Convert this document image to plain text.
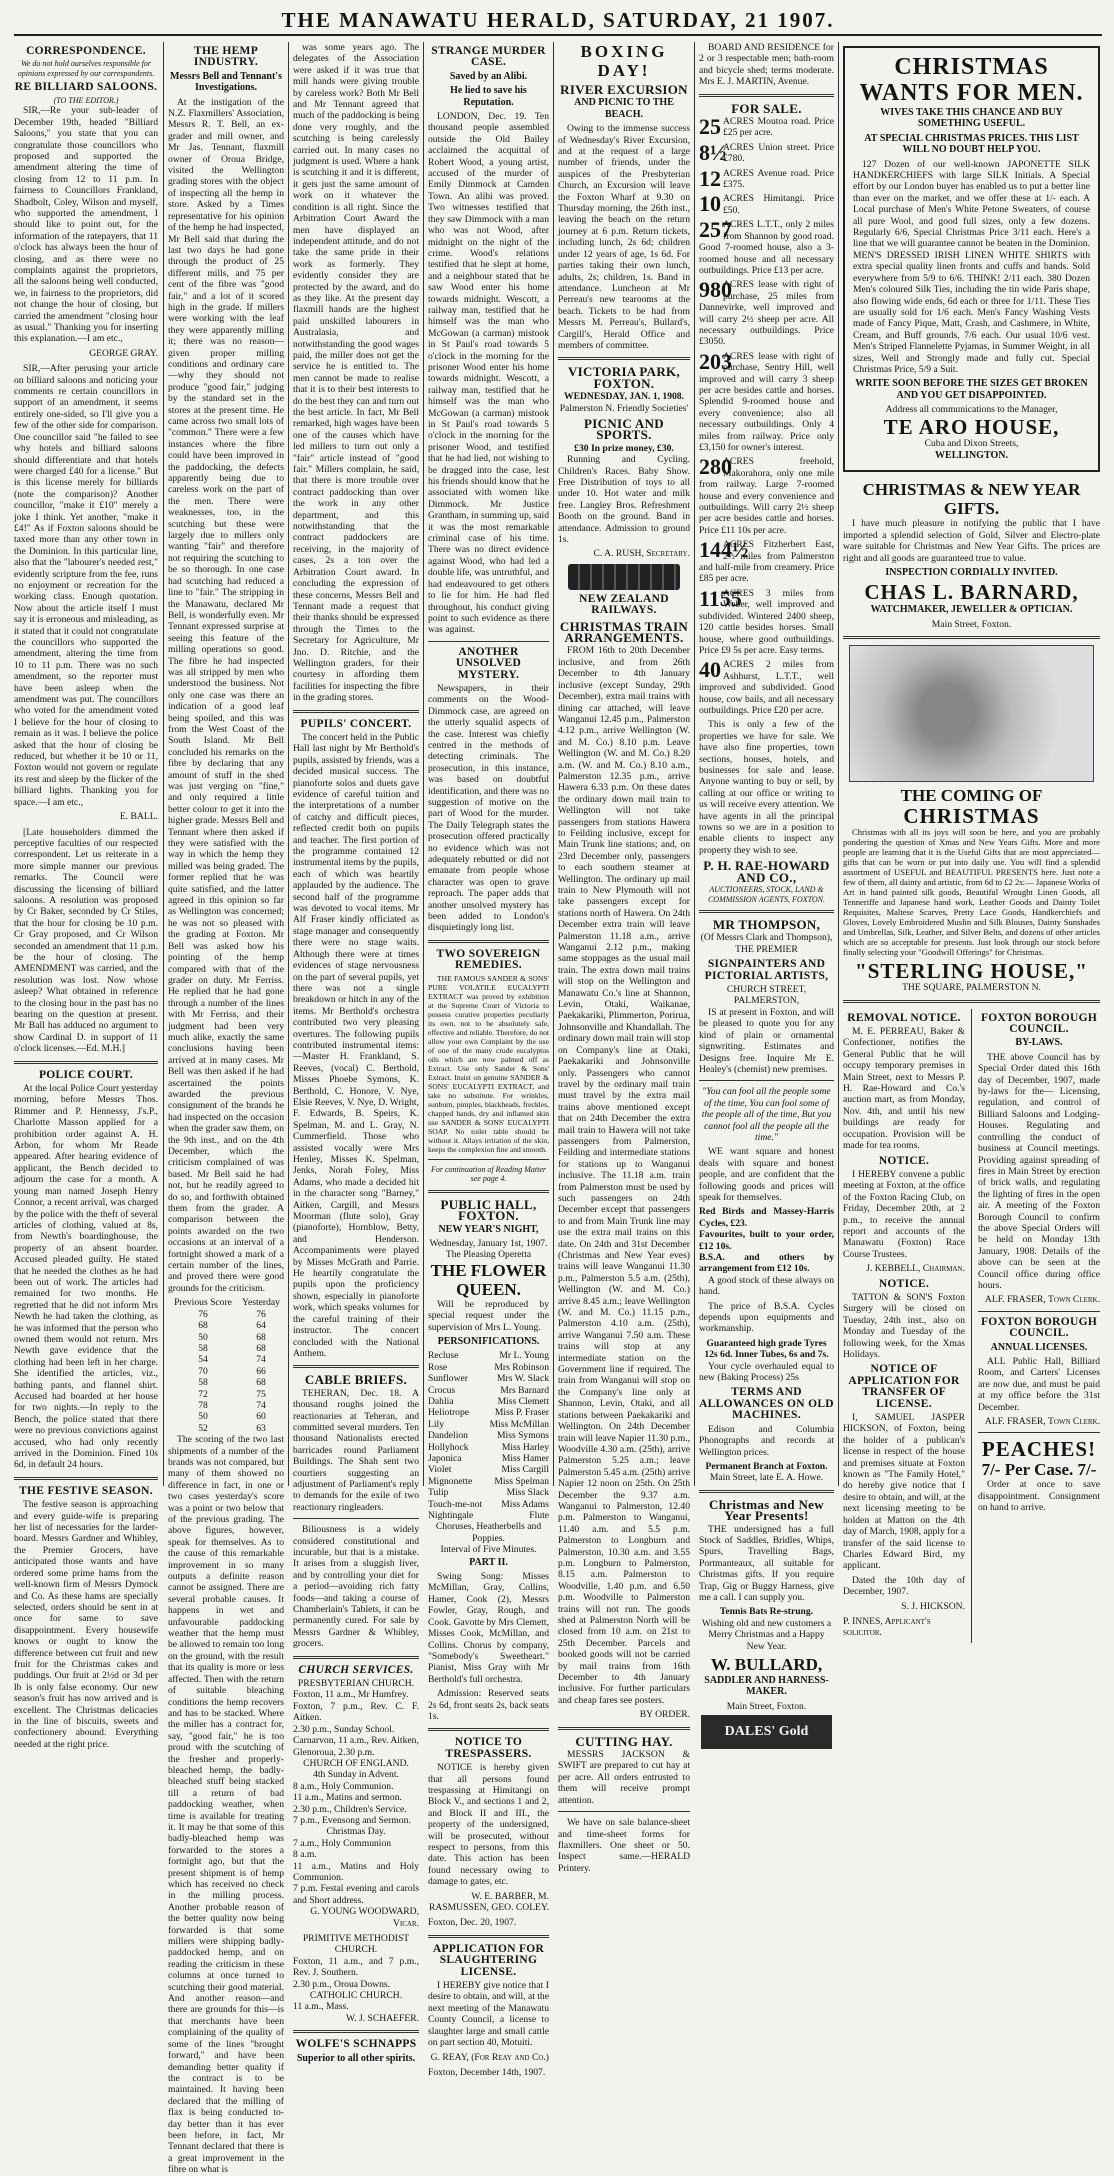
THE MANAWATU HERALD, SATURDAY, 21 1907.
CORRESPONDENCE.
We do not hold ourselves responsible for opinions expressed by our correspondents.
RE BILLIARD SALOONS.
(TO THE EDITOR.)

SIR,—Re your sub-leader of December 19th, headed "Billiard Saloons," you state that you can congratulate those councillors who proposed and supported the amendment altering the time of closing from 12 to 11 p.m. In fairness to Councillors Frankland, Shadbolt, Coley, Wilson and myself, who supported the amendment, I should like to point out, for the information of the ratepayers, that 11 o'clock has always been the hour of closing, and as there were no complaints against the proprietors, all the saloons being well conducted, we, in fairness to the proprietors, did not change the hour of closing, but carried the amendment "closing hour as usual." Thanking you for inserting this explanation.—I am etc.,

GEORGE GRAY.

SIR,—After perusing your article on billiard saloons and noticing your comments re certain councillors in support of an amendment, it seems entirely one-sided, so I'll give you a few of the other side for comparison. One councillor said "he failed to see why hotels and billiard saloons should differentiate and that hotels were charged £40 for a license." But is this license merely for billiards (note the comparison)? Another councillor, "make it £10" merely a joke I think. Yet another, "make it £4!" As if Foxton saloons should be taxed more than any other town in the Dominion. In this particular line, also that the "labourer's needed rest," evidently scripture from the fee, runs no enjoyment or recreation for the working class. Enough quotation. Now about the article itself I must say it is erroneous and misleading, as it stated that it could not congratulate the councillors who supported the amendment, altering the time from 10 to 11 p.m. There was no such amendment, so the reporter must have been asleep when the amendment was put. The councillors who voted for the amendment voted I believe for the hour of closing to remain as it was. I believe the police asked that the hour of closing be reduced, but whether it be 10 or 11, Foxton would not govern or regulate its rest and sleep by the flicker of the billiard lights. Thanking you for space.—I am etc.,

E. BALL.

[Late householders dimmed the perceptive faculties of our respected correspondent. Let us reiterate in a more simple manner our previous remarks. The Council were discussing the licensing of billiard saloons. A resolution was proposed by Cr Baker, seconded by Cr Stiles, that the hour for closing be 10 p.m. Cr Gray proposed, and Cr Wilson seconded an amendment that 11 p.m. be the hour of closing. The AMENDMENT was carried, and the resolution was lost. Now whose asleep? What obtained in reference to the closing hour in the past has no bearing on the question at present. Mr Ball has adduced no argument to show Cardinal D. in support of 11 o'clock licenses.—Ed. M.H.]

POLICE COURT.

At the local Police Court yesterday morning, before Messrs Thos. Rimmer and P. Hennessy, J's.P., Charlotte Masson applied for a prohibition order against A. H. Arbon, for whom Mr Reade appeared. After hearing evidence of applicant, the Bench decided to adjourn the case for a month. A young man named Joseph Henry Connor, a recent arrival, was charged by the police with the theft of several articles of clothing, valued at 8s, from Newth's boardinghouse, the property of an absent boarder. Accused pleaded guilty. He stated that he needed the clothes as he had been out of work. The articles had remained for two months. He regretted that he did not inform Mrs Newth he had taken the clothing, as he was informed that the person who owned them would not return. Mrs Newth gave evidence that the clothing had been left in her charge. She identified the articles, viz., bathing pants, and flannel shirt. Accused had boarded at her house for two nights.—In reply to the Bench, the police stated that there were no previous convictions against accused, who had only recently arrived in the Dominion. Fined 10s 6d, in default 24 hours.

THE FESTIVE SEASON.

The festive season is approaching and every guide-wife is preparing her list of necessaries for the larder-board. Messrs Gardner and Whibley, the Premier Grocers, have anticipated those wants and have ordered some prime hams from the well-known firm of Messrs Dymock and Co. As these hams are specially selected, orders should be sent in at once for same to save disappointment. Every housewife knows or ought to know the difference between cut fruit and new fruit for the Christmas cakes and puddings. Our fruit at 2½d or 3d per lb is only false economy. Our new season's fruit has now arrived and is excellent. The Christmas delicacies in the line of biscuits, sweets and confectionery abound. Everything needed at the right price.

THE HEMP INDUSTRY.
Messrs Bell and Tennant's Investigations.

At the instigation of the N.Z. Flaxmillers' Association, Messrs R. T. Bell, an ex-grader and mill owner, and Mr Jas. Tennant, flaxmill owner of Oroua Bridge, visited the Wellington grading stores with the object of inspecting all the hemp in store. Asked by a Times representative for his opinion of the hemp he had inspected, Mr Bell said that during the last two days he had gone through the product of 25 different mills, and 75 per cent of the fibre was "good fair," and a lot of it scored high in the grade. If millers were working with the leaf they were apparently milling it; there was no reason—given proper milling conditions and ordinary care—why they should not produce "good fair," judging by the standard set in the stores at the present time. He came across two small lots of "common." There were a few instances where the fibre could have been improved in the paddocking, the defects apparently being due to careless work on the part of the men. There were weaknesses, too, in the scutching but these were largely due to millers only wanting "fair" and therefore not requiring the scutching to be so thorough. In one case had scutching had reduced a line to "fair." The stripping in the Manawatu, declared Mr Bell, is wonderfully even. Mr Tennant expressed surprise at seeing this feature of the milling operations so good. The fibre he had inspected was all stripped by men who understood the business. Not only one case was there an indication of a good leaf being spoiled, and this was from the West Coast of the South Island. Mr Bell concluded his remarks on the fibre by declaring that any amount of stuff in the shed was just verging on "fine," and only required a little better colour to get it into the higher grade. Messrs Bell and Tennant where then asked if they were satisfied with the way in which the hemp they milled was being graded. The former replied that he was quite satisfied, and the latter agreed in this opinion so far as Wellington was concerned; he was not so pleased with the grading at Foxton. Mr Bell was asked how his pointing of the hemp compared with that of the grader on duty. Mr Ferriss. He replied that he had gone through a number of the lines with Mr Ferriss, and their judgment had been very much alike, exactly the same conclusions having been arrived at in many cases. Mr Bell was then asked if he had ascertained the points awarded the previous consignment of the brands he had inspected on the occasion when the grader saw them, on the 9th inst., and on the 4th December, which the criticism complained of was based. Mr Bell said he had not, but he readily agreed to do so, and forthwith obtained them from the grader. A comparison between the points awarded on the two occasions at an interval of a fortnight showed a mark of a certain number of the lines, and proved there were good grounds for the criticism.

Previous Score	Yesterday
76	76
68	64
50	68
58	68
54	74
70	66
58	68
72	75
78	74
50	60
52	63

The scoring of the two last shipments of a number of the brands was not compared, but many of them showed no difference in fact, in one or two cases yesterday's score was a point or two below that of the previous grading. The above figures, however, speak for themselves. As to the cause of this remarkable improvement in so many outputs a definite reason cannot be assigned. There are several probable causes. It happens in wet and unfavourable paddocking weather that the hemp must be allowed to remain too long on the ground, with the result that its quality is more or less affected. Then with the return of suitable bleaching conditions the hemp recovers and has to be stacked. Where the miller has a contract for, say, "good fair," he is too proud with the scutching of the fresher and properly-bleached hemp, the badly-bleached stuff being stacked till a return of bad paddocking weather, when time is available for treating it. It may be that some of this badly-bleached hemp was forwarded to the stores a fortnight ago, but that the present shipment is of hemp which has received no check in the milling process. Another probable reason of the better quality now being forwarded is that some millers were shipping badly-paddocked hemp, and on reading the criticism in these columns at once turned to scutching their good material. And another reason—and there are grounds for this—is that merchants have been complaining of the quality of some of the lines "brought forward," and have been demanding better quality if the contract is to be maintained. It having been declared that the milling of flax is being conducted to-day better than it has ever been before, in fact, Mr Tennant declared that there is a great improvement in the fibre on what is

was some years ago. The delegates of the Association were asked if it was true that mill hands were giving trouble by careless work? Both Mr Bell and Mr Tennant agreed that much of the paddocking is being done very roughly, and the scutching is being carelessly carried out. In many cases no judgment is used. Where a hank is scutching it and it is different, it gets just the same amount of work on it whatever the condition is all right. Since the Arbitration Court Award the men have displayed an independent attitude, and do not take the same pride in their work as formerly. They evidently consider they are protected by the award, and do as they like. At the present day flaxmill hands are the highest paid unskilled labourers in Australasia, and notwithstanding the good wages paid, the miller does not get the service he is entitled to. The men cannot be made to realise that it is to their best interests to do the best they can and turn out the best article. In fact, Mr Bell remarked, high wages have been one of the causes which have led millers to turn out only a "fair" article instead of "good fair." Millers complain, he said, that there is more trouble over contract paddocking than over the work in any other department, and this notwithstanding that the contract paddockers are receiving, in the majority of cases, 2s a ton over the Arbitration Court award. In concluding the expression of these concerns, Messrs Bell and Tennant made a request that their thanks should be expressed through the Times to the Secretary for Agriculture, Mr Jno. D. Ritchie, and the Wellington graders, for their courtesy in affording them facilities for inspecting the fibre in the grading stores.

PUPILS' CONCERT.

The concert held in the Public Hall last night by Mr Berthold's pupils, assisted by friends, was a decided musical success. The pianoforte solos and duets gave evidence of careful tuition and the interpretations of a number of catchy and difficult pieces, reflected credit both on pupils and teacher. The first portion of the programme contained 12 instrumental items by the pupils, each of which was heartily applauded by the audience. The second half of the programme was devoted to vocal items. Mr Alf Fraser kindly officiated as stage manager and consequently there were no stage waits. Although there were at times evidences of stage nervousness on the part of several pupils, yet there was not a single breakdown or hitch in any of the items. Mr Berthold's orchestra contributed two very pleasing overtures. The following pupils contributed instrumental items:—Master H. Frankland, S. Reeves, (vocal) C. Berthold, Misses Phoebe Symons, K. Berthold, C. Honore, V. Nye, Elsie Reeves, V. Nye, D. Wright, F. Edwards, B. Speirs, K. Spelman, M. and L. Gray, N. Cummerfield. Those who assisted vocally were Mrs Henley, Misses K. Spelman, Jenks, Norah Foley, Miss Adams, who made a decided hit in the character song "Barney," Aitken, Cargill, and Messrs Moorman (flute solo), Gray (pianoforte), Hornblow, Betty, and Henderson. Accompaniments were played by Misses McGrath and Parrie. He heartily congratulate the pupils upon the proficiency shown, especially in pianoforte work, which speaks volumes for the careful training of their instructor. The concert concluded with the National Anthem.

CABLE BRIEFS.

TEHERAN, Dec. 18. A thousand roughs joined the reactionaries at Teheran, and committed several murders. Ten thousand Nationalists erected barricades round Parliament Buildings. The Shah sent two courtiers suggesting an adjustment of Parliament's reply to demands for the exile of two reactionary ringleaders.

Biliousness is a widely considered constitutional and incurable, but that is a mistake. It arises from a sluggish liver, and by controlling your diet for a period—avoiding rich fatty foods—and taking a course of Chamberlain's Tablets, it can be permanently cured. For sale by Messrs Gardner & Whibley, grocers.

CHURCH SERVICES.
PRESBYTERIAN CHURCH.
Foxton, 11 a.m., Mr Humfrey.
Foxton, 7 p.m., Rev. C. F. Aitken.
2.30 p.m., Sunday School.
Carnarvon, 11 a.m., Rev. Aitken,
Glenoroua, 2.30 p.m.
CHURCH OF ENGLAND.
4th Sunday in Advent.
8 a.m., Holy Communion.
11 a.m., Matins and sermon.
2.30 p.m., Children's Service.
7 p.m., Evensong and Sermon.
Christmas Day.
7 a.m., Holy Communion
8 a.m.
11 a.m., Matins and Holy Communion.
7 p.m. Festal evening and carols and Short address.
G. YOUNG WOODWARD, Vicar.
PRIMITIVE METHODIST CHURCH.
Foxton, 11 a.m., and 7 p.m., Rev. J. Southern.
2.30 p.m., Oroua Downs.
CATHOLIC CHURCH.
11 a.m., Mass.
W. J. SCHAEFER.
WOLFE'S SCHNAPPS
Superior to all other spirits.
STRANGE MURDER CASE.
Saved by an Alibi.
He lied to save his Reputation.

LONDON, Dec. 19. Ten thousand people assembled outside the Old Bailey acclaimed the acquittal of Robert Wood, a young artist, accused of the murder of Emily Dimmock at Camden Town. An alibi was proved. Two witnesses testified that they saw Dimmock with a man who was not Wood, after midnight on the night of the crime. Wood's relations testified that he slept at home, and a neighbour stated that he saw Wood enter his home towards midnight. Wescott, a railway man, testified that he himself was the man who McGowan (a carman) mistook in St Paul's road towards 5 o'clock in the morning for the prisoner Wood enter his home towards midnight. Wescott, a railway man, testified that he himself was the man who McGowan (a carman) mistook in St Paul's road towards 5 o'clock in the morning for the prisoner Wood, and testified that he had lied, not wishing to be dragged into the case, lest his friends should know that he associated with women like Dimmock. Mr Justice Grantham, in summing up, said it was the most remarkable criminal case of his time. There was no direct evidence against Wood, who had led a double life, was untruthful, and had endeavoured to get others to lie for him. He had fled throughout, his conduct giving point to such evidence as there was against.

ANOTHER UNSOLVED MYSTERY.

Newspapers, in their comments on the Wood-Dimmock case, are agreed on the utterly squalid aspects of the case. Interest was chiefly centred in the methods of detecting criminals. The prosecution, in this instance, was based on doubtful identification, and there was no suggestion of motive on the part of Wood for the murder. The Daily Telegraph states the prosecution offered practically no evidence which was not adequately rebutted or did not emanate from people whose character was open to grave reproach. The paper adds that another unsolved mystery has been added to London's disquietingly long list.

TWO SOVEREIGN REMEDIES.

THE FAMOUS SANDER & SONS' PURE VOLATILE EUCALYPTI EXTRACT was proved by exhibition at the Supreme Court of Victoria to possess curative properties peculiarly its own, not to be absolutely safe, effective and reliable. Therefore, do not allow your own Complaint by the use of one of the many crude eucalyptus oils which are now palmed off as Extract. Use only Sander & Sons' Extract. Insist on genuine SANDER & SONS' EUCALYPTI EXTRACT, and take no substitute. For wrinkles, sunburn, pimples, blackheads, freckles, chapped hands, dry and inflamed skin use SANDER & SONS' EUCALYPTI SOAP. No toilet table should be without it. Allays irritation of the skin, keeps the complexion fine and smooth.

For continuation of Reading Matter see page 4.
PUBLIC HALL, FOXTON.
NEW YEAR'S NIGHT,
Wednesday, January 1st, 1907.
The Pleasing Operetta
THE FLOWER QUEEN.

Will be reproduced by special request under the supervision of Mrs L. Young.

PERSONIFICATIONS.
Recluse	Mr L. Young
Rose	Mrs Robinson
Sunflower	Mrs W. Slack
Crocus	Mrs Barnard
Dahlia	Miss Clemett
Heliotrope	Miss P. Fraser
Lily	Miss McMillan
Dandelion	Miss Symons
Hollyhock	Miss Harley
Japonica	Miss Hamer
Violet	Miss Cargill
Mignonette Miss Spelman
Tulip	Miss Slack
Touch-me-not Miss Adams
Nightingale	Flute
Choruses, Heatherbells and Poppies.
Interval of Five Minutes.
PART II.

Swing Song: Misses McMillan, Gray, Collins, Hamer, Cook (2), Messrs Fowler, Gray, Rough, and Cook. Gavotte by Mrs Clemett, Misses Cook, McMillan, and Collins. Chorus by company, "Somebody's Sweetheart." Pianist, Miss Gray with Mr Berthold's full orchestra.

Admission: Reserved seats 2s 6d, front seats 2s, back seats 1s.

NOTICE TO TRESPASSERS.

NOTICE is hereby given that all persons found trespassing at Himitangi on Block V., and sections 1 and 2, and Block II and III., the property of the undersigned, will be prosecuted, without respect to persons, from this date. This action has been found necessary owing to damage to gates, etc.

W. E. BARBER, M. RASMUSSEN, GEO. COLEY.
Foxton, Dec. 20, 1907.
APPLICATION FOR SLAUGHTERING LICENSE.

I HEREBY give notice that I desire to obtain, and will, at the next meeting of the Manawatu County Council, a license to slaughter large and small cattle on part section 40, Motuiti.

G. REAY, (For Reay and Co.)
Foxton, December 14th, 1907.
BOXING DAY!
RIVER EXCURSION
AND PICNIC TO THE BEACH.

Owing to the immense success of Wednesday's River Excursion, and at the request of a large number of friends, under the auspices of the Presbyterian Church, an Excursion will leave the Foxton Wharf at 9.30 on Thursday morning, the 26th inst., leaving the beach on the return journey at 6 p.m. Return tickets, including lunch, 2s 6d; children under 12 years of age, 1s 6d. For parties taking their own lunch, adults, 2s; children, 1s. Band in attendance. Luncheon at Mr Perreau's new tearooms at the beach. Tickets to be had from Messrs M. Perreau's, Bullard's, Cargill's, Herald Office and members of committee.

VICTORIA PARK, FOXTON.
WEDNESDAY, JAN. 1, 1908.
Palmerston N. Friendly Societies'
PICNIC AND SPORTS.
£30 In prize money, £30.

Running and Cycling. Children's Races. Baby Show. Free Distribution of toys to all under 10. Hot water and milk free. Langley Bros. Refreshment Booth on the ground. Band in attendance. Admission to ground 1s.

C. A. RUSH, Secretary.
NEW ZEALAND RAILWAYS.
CHRISTMAS TRAIN ARRANGEMENTS.

FROM 16th to 20th December inclusive, and from 26th December to 4th January inclusive (except Sunday, 29th December), extra mail trains with dining car attached, will leave Wanganui 12.45 p.m., Palmerston 4.12 p.m., arrive Wellington (W. and M. Co.) 8.10 p.m. Leave Wellington (W. and M. Co.) 8.20 a.m. (W. and M. Co.) 8.10 a.m., Palmerston 12.35 p.m., arrive Hawera 6.33 p.m. On these dates the ordinary down mail train to Wellington will not take passengers from stations Hawera to Feilding inclusive, except for Main Trunk line stations; and, on 23rd December only, passengers to each southern steamer at Wellington. The ordinary up mail train to New Plymouth will not take passengers except for stations north of Hawera. On 24th December extra train will leave Palmerston 11.18 a.m., arrive Wanganui 2.12 p.m., making same stoppages as the usual mail train. The extra down mail trains will stop on the Wellington and Manawatu Co.'s line at Shannon, Levin, Otaki, Waikanae, Paekakariki, Plimmerton, Porirua, Johnsonville and Khandallah. The ordinary down mail train will stop on Company's line at Otaki, Paekakariki and Johnsonville only. Passengers who cannot travel by the ordinary mail train must travel by the extra mail trains above mentioned except that on 24th December the extra mail train to Hawera will not take passengers from Palmerston, Feilding and intermediate stations for stations up to Wanganui inclusive. The 11.18 a.m. train from Palmerston must be used by such passengers on 24th December except that passengers to and from Main Trunk line may use the extra mail trains on this date. On 24th and 31st December (Christmas and New Year eves) trains will leave Wanganui 11.30 p.m., Palmerston 5.5 a.m. (25th), Wellington (W. and M. Co.) arrive 8.45 a.m.; leave Wellington (W. and M. Co.) 11.15 p.m., Palmerston 4.10 a.m. (25th), arrive Wanganui 7.50 a.m. These trains will stop at any intermediate station on the Government line if required. The train from Wanganui will stop on the Company's line only at Shannon, Levin, Otaki, and all stations between Paekakariki and Wellington. On 24th December train will leave Napier 11.30 p.m., Woodville 4.30 a.m. (25th), arrive Palmerston 5.25 a.m.; leave Palmerston 5.45 a.m. (25th) arrive Napier 12 noon on 25th. On 25th December the 9.37 a.m. Wanganui to Palmerston, 12.40 p.m. Palmerston to Wanganui, 11.40 a.m. and 5.5 p.m. Palmerston to Longburn and Palmerston, 10.30 a.m. and 3.55 p.m. Longburn to Palmerston, 8.15 a.m. Palmerston to Woodville, 1.40 p.m. and 6.50 p.m. Woodville to Palmerston trains will not run. The goods shed at Palmerston North will be closed from 10 a.m. on 21st to 25th December. Parcels and booked goods will not be carried by mail trains from 16th December to 4th January inclusive. For further particulars and cheap fares see posters.

BY ORDER.
CUTTING HAY.

MESSRS JACKSON & SWIFT are prepared to cut hay at per acre. All orders entrusted to them will receive prompt attention.

We have on sale balance-sheet and time-sheet forms for flaxmillers. One sheet or 50. Inspect same.—HERALD Printery.

BOARD AND RESIDENCE for 2 or 3 respectable men; bath-room and bicycle shed; terms moderate. Mrs E. J. MARTIN, Avenue.

FOR SALE.
25 ACRES Moutoa road. Price £25 per acre.

8½

ACRES Union street. Price £780.

12 ACRES Avenue road. Price £375.

10 ACRES Himitangi. Price £50.

257

ACRES L.T.T., only 2 miles from Shannon by good road. Good 7-roomed house, also a 3-roomed house and all necessary outbuildings. Price £13 per acre.

980

ACRES lease with right of purchase, 25 miles from Dannevirke, well improved and will carry 2½ sheep per acre. All necessary outbuildings. Price £3050.

203

ACRES lease with right of purchase, Sentry Hill, well improved and will carry 3 sheep per acre besides cattle and horses. Splendid 9-roomed house and every convenience; also all necessary outbuildings. Only 4 miles from railway. Price only £3,150 for owner's interest.

280

ACRES freehold, Makorahora, only one mile from railway. Large 7-roomed house and every convenience and outbuildings. Will carry 2½ sheep per acre besides cattle and horses. Price £11 10s per acre.

144½

ACRES Fitzherbert East, 2½ miles from Palmerston and half-mile from creamery. Price £85 per acre.

1155

ACRES 3 miles from Weber, well improved and subdivided. Wintered 2400 sheep, 120 cattle besides horses. Small house, where good outbuildings. Price £9 5s per acre. Easy terms.

40 ACRES 2 miles from Ashhurst, L.T.T., well improved and subdivided. Good house, cow bails, and all necessary outbuildings. Price £20 per acre.

This is only a few of the properties we have for sale. We have also fine properties, town sections, houses, hotels, and businesses for sale and lease. Anyone wanting to buy or sell, by calling at our office or writing to us will receive every attention. We have agents in all the principal towns so we are in a position to enable clients to inspect any property they wish to see.

P. H. RAE-HOWARD AND CO.,
AUCTIONEERS, STOCK, LAND & COMMISSION AGENTS, FOXTON.
MR THOMPSON,
(Of Messrs Clark and Thompson),
THE PREMIER
SIGNPAINTERS AND PICTORIAL ARTISTS,
CHURCH STREET, PALMERSTON,

IS at present in Foxton, and will be pleased to quote you for any kind of plain or ornamental signwriting. Estimates and Designs free. Inquire Mr E. Healey's (chemist) new premises.

"You can fool all the people some of the time, You can fool some of the people all of the time, But you cannot fool all the people all the time."

WE want square and honest deals with square and honest people, and are confident that the following goods and prices will speak for themselves.

Red Birds and Massey-Harris Cycles, £23.
Favourites, built to your order, £12 10s.
B.S.A. and others by arrangement from £12 10s.

A good stock of these always on hand.

The price of B.S.A. Cycles depends upon equipments and workmanship.

Guaranteed high grade Tyres 12s 6d. Inner Tubes, 6s and 7s.

Your cycle overhauled equal to new (Baking Process) 25s

TERMS AND ALLOWANCES ON OLD MACHINES.

Edison and Columbia Phonographs and records at Wellington prices.

Permanent Branch at Foxton.
Main Street, late E. A. Howe.
Christmas and New Year Presents!

THE undersigned has a full Stock of Saddles, Bridles, Whips, Spurs, Travelling Bags, Portmanteaux, all suitable for Christmas gifts. If you require Trap, Gig or Buggy Harness, give me a call. I can supply you.

Tennis Bats Re-strung.

Wishing old and new customers a Merry Christmas and a Happy New Year.

W. BULLARD,
SADDLER AND HARNESS-MAKER.
Main Street, Foxton.
DALES' Gold DUBBIN
CHRISTMAS WANTS FOR MEN.
WIVES TAKE THIS CHANCE AND BUY SOMETHING USEFUL.
AT SPECIAL CHRISTMAS PRICES. THIS LIST WILL NO DOUBT HELP YOU.

127 Dozen of our well-known JAPONETTE SILK HANDKERCHIEFS with large SILK Initials. A Special effort by our London buyer has enabled us to put a better line than ever on the market, and we offer these at 1/- each. A Local purchase of Men's White Petone Sweaters, of course all pure Wool, and good full sizes, only a few dozens. Regularly 6/6, Special Christmas Price 3/11 each. Here's a line that we will guarantee cannot be beaten in the Dominion. MEN'S DRESSED IRISH LINEN WHITE SHIRTS with extra special quality linen fronts and cuffs and bands. Sold everywhere from 5/9 to 6/6. THINK! 2/11 each. 380 Dozen Men's coloured Silk Ties, including the tin wide Paris shape, also flowing wide ends, 6d each or three for 1/11. These Ties are usually sold for 1/6 each. Men's Fancy Washing Vests made of Fancy Pique, Matt, Crash, and Cashmere, in White, Cream, and Buff grounds, 7/6 each. Our usual 10/6 vest. Men's Striped Flannelette Pyjamas, in Summer Weight, in all sizes, Well and Strongly made and fully cut. Special Christmas Price, 5/9 a Suit.

WRITE SOON BEFORE THE SIZES GET BROKEN AND YOU GET DISAPPOINTED.
Address all communications to the Manager,
TE ARO HOUSE,
Cuba and Dixon Streets,
WELLINGTON.
CHRISTMAS & NEW YEAR GIFTS.

I have much pleasure in notifying the public that I have imported a splendid selection of Gold, Silver and Electro-plate ware suitable for Christmas and New Year Gifts. The prices are right and all goods are guaranteed true to value.

INSPECTION CORDIALLY INVITED.
CHAS L. BARNARD,
WATCHMAKER, JEWELLER & OPTICIAN.
Main Street, Foxton.
THE COMING OF
CHRISTMAS

Christmas with all its joys will soon be here, and you are probably pondering the question of Xmas and New Years Gifts. More and more people are learning that it is the Useful Gifts that are most appreciated—gifts that can be worn or put into daily use. You will find a splendid assortment of USEFUL and BEAUTIFUL PRESENTS here. Just note a few of them, all dainty and artistic, from 6d to £2 2s:— Japanese Works of Art in hand painted silk goods, Beautiful Wrought Linen Goods, all Tenneriffe and Japanese hand work, Leather Goods and Dainty Toilet Requisites, Maltese Scarves, Pretty Lace Goods, Handkerchiefs and Gloves, Lovely Embroidered Muslin and Silk Blouses, Dainty Sunshades and Umbrellas, Silk, Leather, and Silver Belts, and dozens of other articles which are so acceptable for presents. Just look through our stock before finally selecting your "Goodwill Offerings" for Christmas.

"STERLING HOUSE,"
THE SQUARE, PALMERSTON N.
REMOVAL NOTICE.

M. E. PERREAU, Baker & Confectioner, notifies the General Public that he will occupy temporary premises in Main Street, next to Messrs P. H. Rae-Howard and Co.'s auction mart, as from Monday, Nov. 4th, and until his new buildings are ready for occupation. Provision will be made for tea rooms.

NOTICE.

I HEREBY convene a public meeting at Foxton, at the office of the Foxton Racing Club, on Friday, December 20th, at 2 p.m., to receive the annual report and accounts of the Manawatu (Foxton) Race Course Trustees.

J. KEBBELL, Chairman.
NOTICE.

TATTON & SON'S Foxton Surgery will be closed on Tuesday, 24th inst., also on Monday and Tuesday of the following week, for the Xmas Holidays.

NOTICE OF APPLICATION FOR TRANSFER OF LICENSE.

I, SAMUEL JASPER HICKSON, of Foxton, being the holder of a publican's license in respect of the house and premises situate at Foxton known as "The Family Hotel," do hereby give notice that I desire to obtain, and will, at the next licensing meeting to be holden at Matton on the 4th day of March, 1908, apply for a transfer of the said license to Charles Edward Bird, my applicant.

Dated the 10th day of December, 1907.

S. J. HICKSON.
P. INNES, Applicant's solicitor.
FOXTON BOROUGH COUNCIL.
BY-LAWS.

THE above Council has by Special Order dated this 16th day of December, 1907, made by-laws for the— Licensing, regulation, and control of Billiard Saloons and Lodging-Houses. Regulating and controlling the conduct of business at Council meetings. Providing against spreading of fires in Main Street by erection of brick walls, and regulating the lighting of fires in the open air. A meeting of the Foxton Borough Council to confirm the above Special Orders will be held on Monday 13th January, 1908. Details of the above can be seen at the Council office during office hours.

ALF. FRASER, Town Clerk.
FOXTON BOROUGH COUNCIL.
ANNUAL LICENSES.

ALL Public Hall, Billiard Room, and Carters' Licenses are now due, and must be paid at my office before the 31st December.

ALF. FRASER, Town Clerk.
PEACHES!
7/- Per Case. 7/-

Order at once to save disappointment. Consignment on hand to arrive.
